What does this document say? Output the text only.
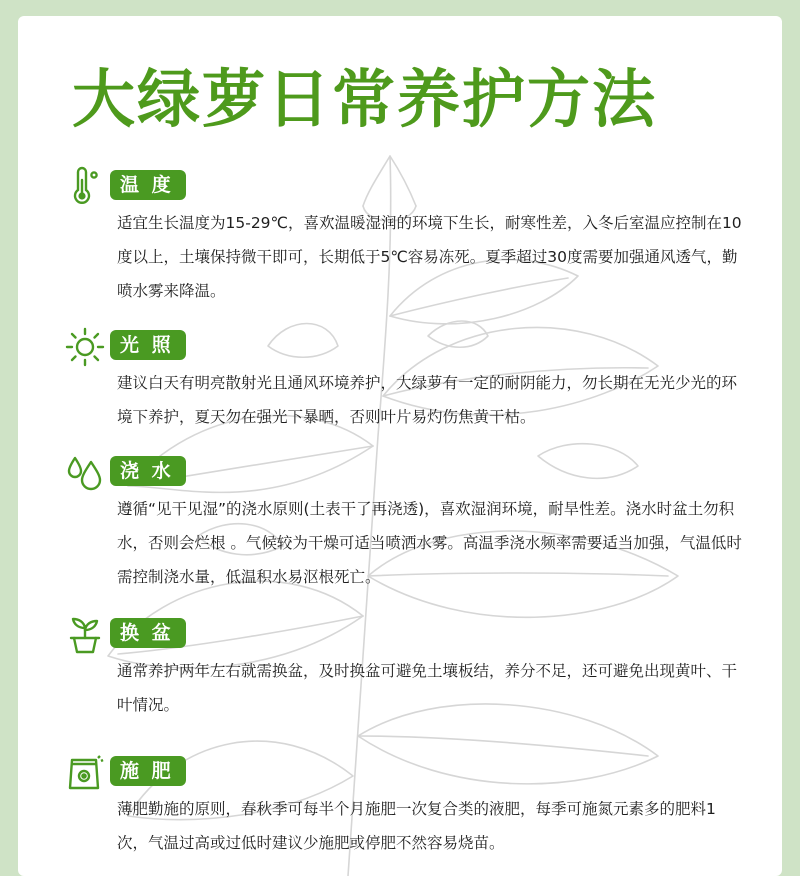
大绿萝日常养护方法
温 度

适宜生长温度为15-29℃，喜欢温暖湿润的环境下生长，耐寒性差，入冬后室温应控制在10度以上，土壤保持微干即可，长期低于5℃容易冻死。夏季超过30度需要加强通风透气，勤喷水雾来降温。

光 照

建议白天有明亮散射光且通风环境养护，大绿萝有一定的耐阴能力，勿长期在无光少光的环境下养护，夏天勿在强光下暴晒，否则叶片易灼伤焦黄干枯。

浇 水

遵循“见干见湿”的浇水原则(土表干了再浇透)，喜欢湿润环境，耐旱性差。浇水时盆土勿积水，否则会烂根 。气候较为干燥可适当喷洒水雾。高温季浇水频率需要适当加强，气温低时需控制浇水量，低温积水易沤根死亡。

换 盆

通常养护两年左右就需换盆，及时换盆可避免土壤板结，养分不足，还可避免出现黄叶、干叶情况。

施 肥

薄肥勤施的原则，春秋季可每半个月施肥一次复合类的液肥，每季可施氮元素多的肥料1次，气温过高或过低时建议少施肥或停肥不然容易烧苗。
